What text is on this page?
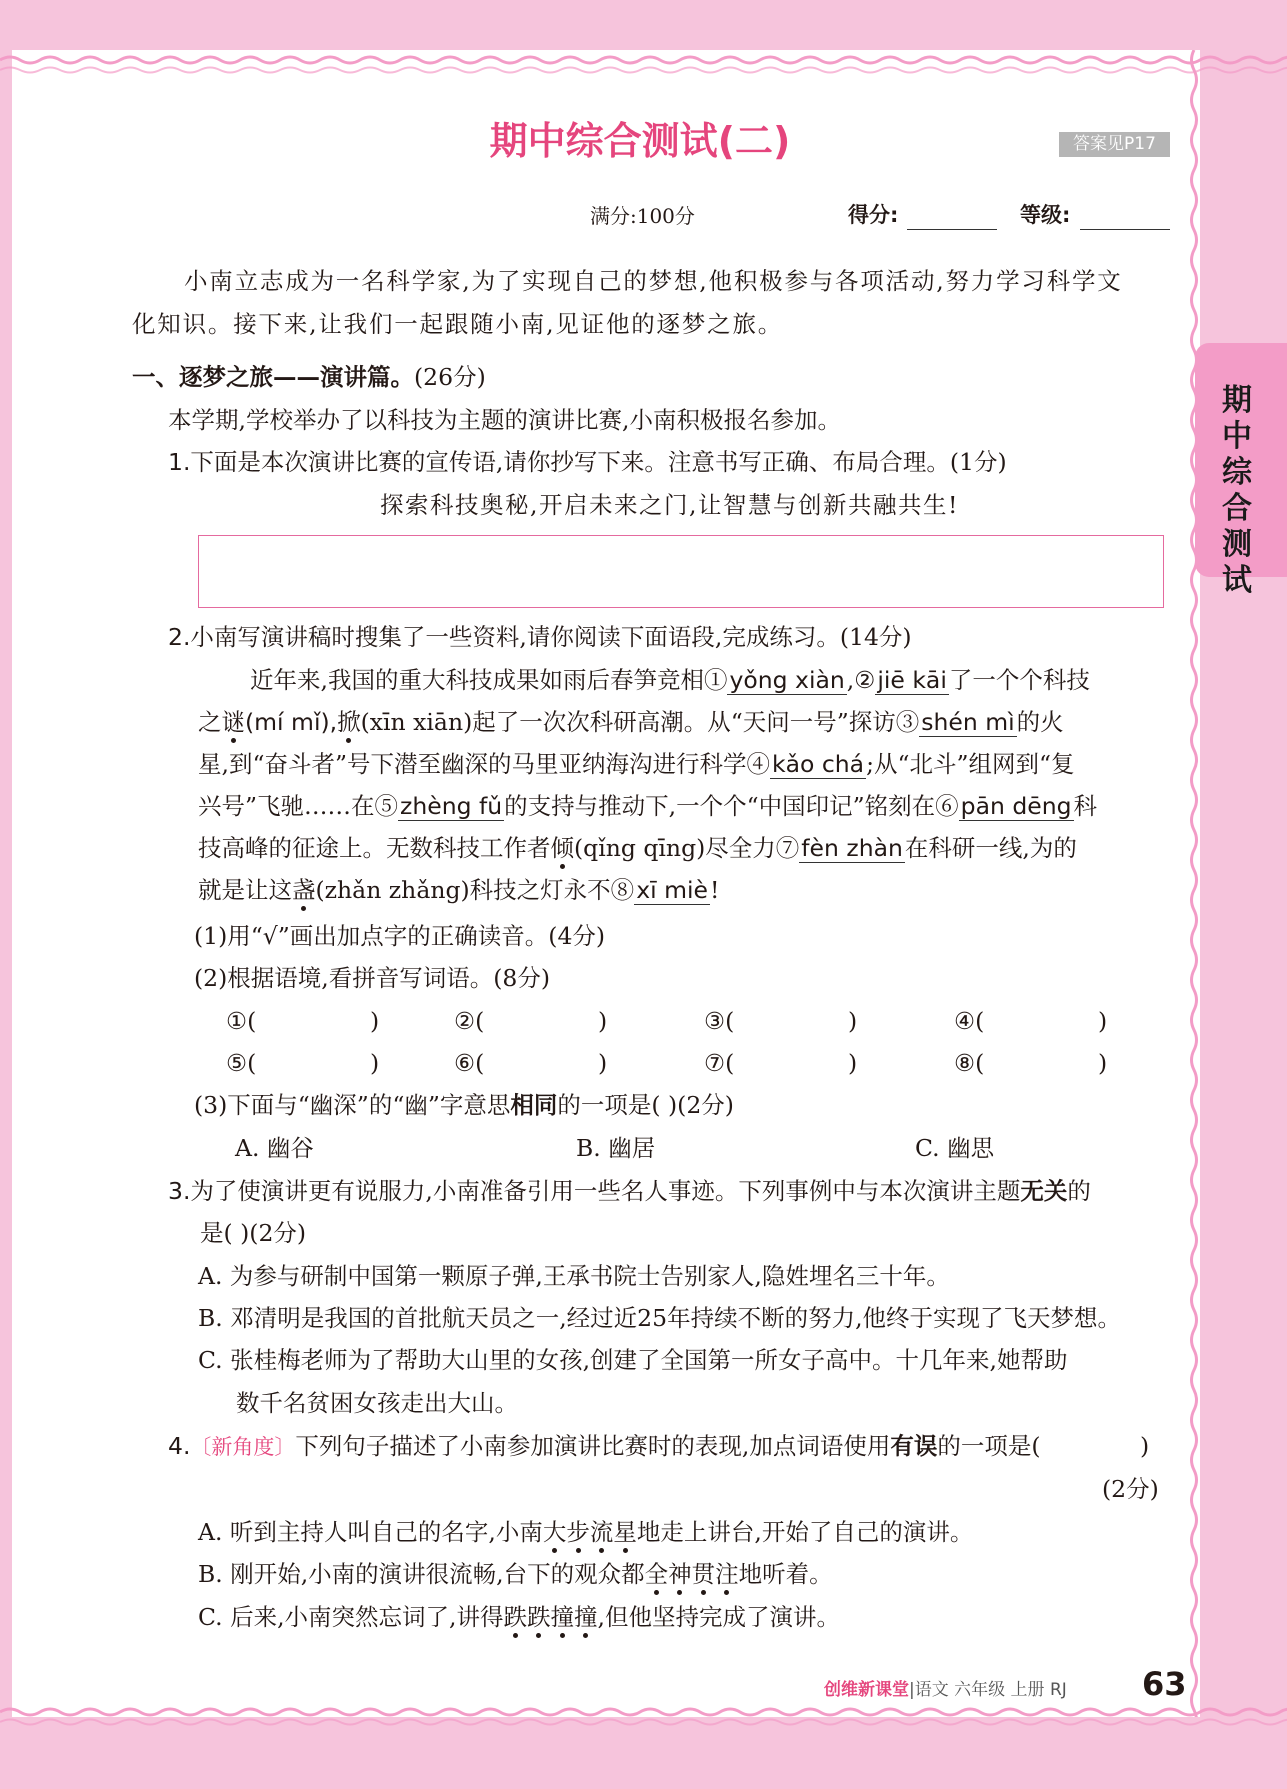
期中综合测试
期中综合测试(二)	答案见P17
满分:100分	得分:	等级:
小南立志成为一名科学家,为了实现自己的梦想,他积极参与各项活动,努力学习科学文
化知识。接下来,让我们一起跟随小南,见证他的逐梦之旅。
一、逐梦之旅——演讲篇。(26分)
本学期,学校举办了以科技为主题的演讲比赛,小南积极报名参加。
1.下面是本次演讲比赛的宣传语,请你抄写下来。注意书写正确、布局合理。(1分)
探索科技奥秘,开启未来之门,让智慧与创新共融共生!
2.小南写演讲稿时搜集了一些资料,请你阅读下面语段,完成练习。(14分)
近年来,我国的重大科技成果如雨后春笋竞相①yǒng xiàn,②jiē kāi了一个个科技
之谜(mí mǐ),掀(xīn xiān)起了一次次科研高潮。从“天问一号”探访③shén mì的火
星,到“奋斗者”号下潜至幽深的马里亚纳海沟进行科学④kǎo chá;从“北斗”组网到“复
兴号”飞驰……在⑤zhèng fǔ的支持与推动下,一个个“中国印记”铭刻在⑥pān dēng科
技高峰的征途上。无数科技工作者倾(qǐng qīng)尽全力⑦fèn zhàn在科研一线,为的
就是让这盏(zhǎn zhǎng)科技之灯永不⑧xī miè!
(1)用“√”画出加点字的正确读音。(4分)
(2)根据语境,看拼音写词语。(8分)
①(	)	②(	)	③(	)	④(	)
⑤(	)	⑥(	)	⑦(	)	⑧(	)
(3)下面与“幽深”的“幽”字意思相同的一项是( )(2分)
A. 幽谷	B. 幽居	C. 幽思
3.为了使演讲更有说服力,小南准备引用一些名人事迹。下列事例中与本次演讲主题无关的
是( )(2分)
A. 为参与研制中国第一颗原子弹,王承书院士告别家人,隐姓埋名三十年。
B. 邓清明是我国的首批航天员之一,经过近25年持续不断的努力,他终于实现了飞天梦想。
C. 张桂梅老师为了帮助大山里的女孩,创建了全国第一所女子高中。十几年来,她帮助
数千名贫困女孩走出大山。
4.〔新角度〕下列句子描述了小南参加演讲比赛时的表现,加点词语使用有误的一项是(	)
(2分)
A. 听到主持人叫自己的名字,小南大步流星地走上讲台,开始了自己的演讲。
B. 刚开始,小南的演讲很流畅,台下的观众都全神贯注地听着。
C. 后来,小南突然忘词了,讲得跌跌撞撞,但他坚持完成了演讲。
创维新课堂|语文 六年级 上册 RJ 63
